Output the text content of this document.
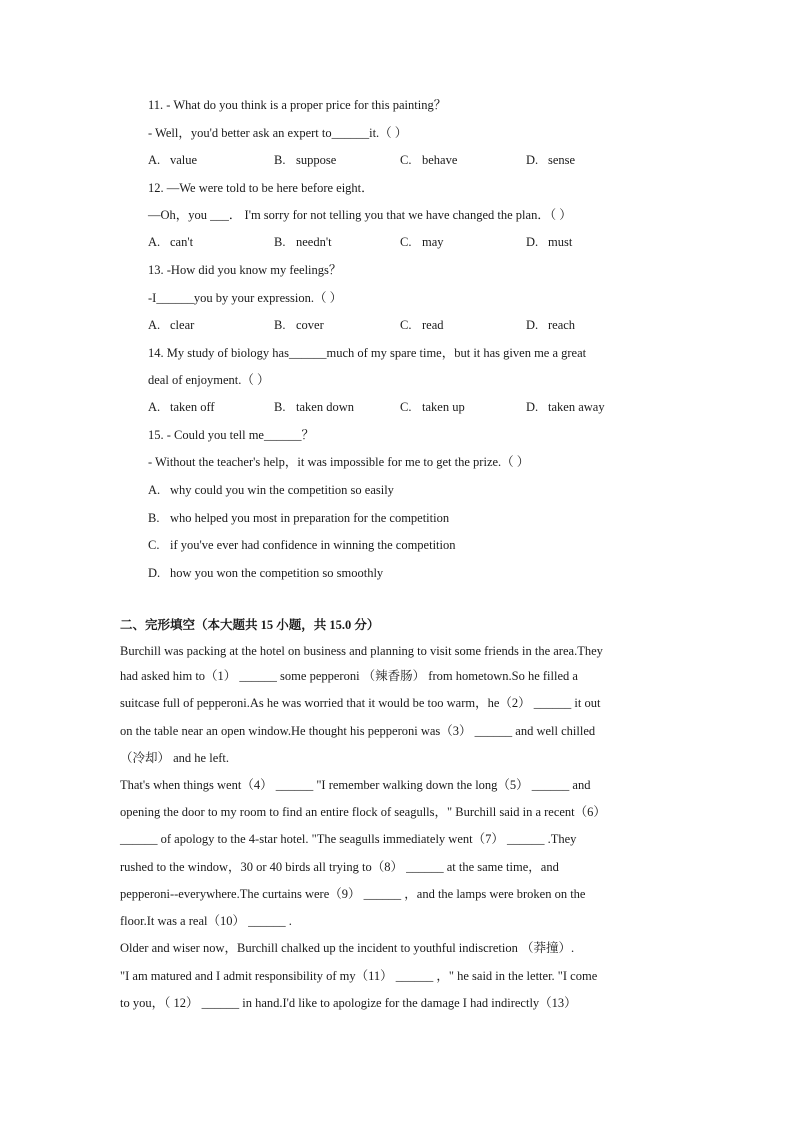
11. - What do you think is a proper price for this painting？
- Well，you'd better ask an expert to______it.（ ）
A. value	B. suppose	C. behave	D. sense
12. —We were told to be here before eight．
—Oh，you ___． I'm sorry for not telling you that we have changed the plan．（ ）
A. can't	B. needn't	C. may	D. must
13. -How did you know my feelings？
-I______you by your expression.（ ）
A. clear	B. cover	C. read	D. reach
14. My study of biology has______much of my spare time，but it has given me a great
deal of enjoyment.（ ）
A. taken off	B. taken down	C. taken up	D. taken away
15. - Could you tell me______？
- Without the teacher's help，it was impossible for me to get the prize.（ ）
A. why could you win the competition so easily
B. who helped you most in preparation for the competition
C. if you've ever had confidence in winning the competition
D. how you won the competition so smoothly
二、完形填空（本大题共 15 小题，共 15.0 分）
Burchill was packing at the hotel on business and planning to visit some friends in the area.They
had asked him to（1） ______ some pepperoni （辣香肠） from hometown.So he filled a
suitcase full of pepperoni.As he was worried that it would be too warm，he（2） ______ it out
on the table near an open window.He thought his pepperoni was（3） ______ and well chilled
（冷却） and he left.
That's when things went（4） ______ "I remember walking down the long（5） ______ and
opening the door to my room to find an entire flock of seagulls，" Burchill said in a recent（6）
______ of apology to the 4-star hotel. "The seagulls immediately went（7） ______ .They
rushed to the window，30 or 40 birds all trying to（8） ______ at the same time，and
pepperoni--everywhere.The curtains were（9） ______ ，and the lamps were broken on the
floor.It was a real（10） ______ .
Older and wiser now，Burchill chalked up the incident to youthful indiscretion （莽撞）.
"I am matured and I admit responsibility of my（11） ______ ，" he said in the letter. "I come
to you，（ 12） ______ in hand.I'd like to apologize for the damage I had indirectly（13）
